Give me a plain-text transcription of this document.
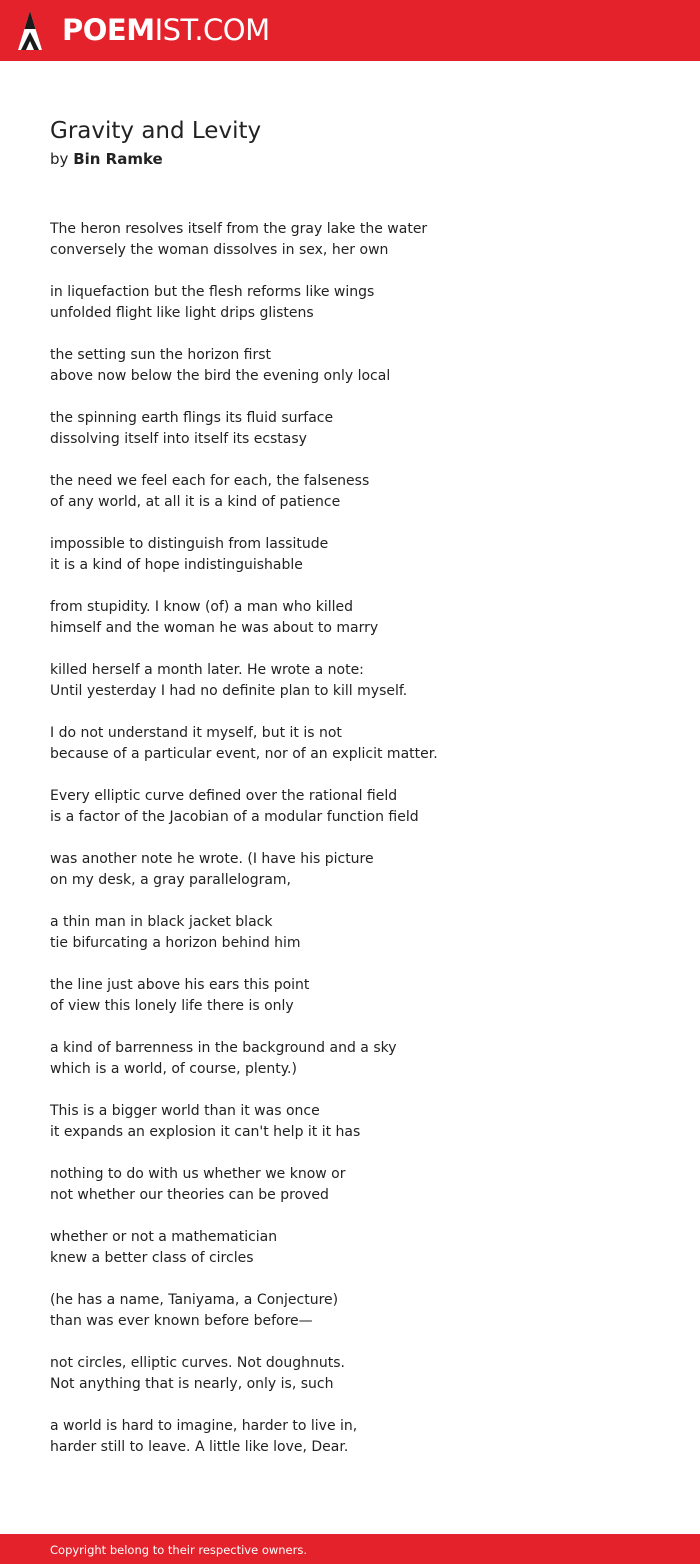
POEMIST.COM
Gravity and Levity
by Bin Ramke
The heron resolves itself from the gray lake the water
conversely the woman dissolves in sex, her own
in liquefaction but the flesh reforms like wings
unfolded flight like light drips glistens
the setting sun the horizon first
above now below the bird the evening only local
the spinning earth flings its fluid surface
dissolving itself into itself its ecstasy
the need we feel each for each, the falseness
of any world, at all it is a kind of patience
impossible to distinguish from lassitude
it is a kind of hope indistinguishable
from stupidity. I know (of) a man who killed
himself and the woman he was about to marry
killed herself a month later. He wrote a note:
Until yesterday I had no definite plan to kill myself.
I do not understand it myself, but it is not
because of a particular event, nor of an explicit matter.
Every elliptic curve defined over the rational field
is a factor of the Jacobian of a modular function field
was another note he wrote. (I have his picture
on my desk, a gray parallelogram,
a thin man in black jacket black
tie bifurcating a horizon behind him
the line just above his ears this point
of view this lonely life there is only
a kind of barrenness in the background and a sky
which is a world, of course, plenty.)
This is a bigger world than it was once
it expands an explosion it can't help it it has
nothing to do with us whether we know or
not whether our theories can be proved
whether or not a mathematician
knew a better class of circles
(he has a name, Taniyama, a Conjecture)
than was ever known before before—
not circles, elliptic curves. Not doughnuts.
Not anything that is nearly, only is, such
a world is hard to imagine, harder to live in,
harder still to leave. A little like love, Dear.
Copyright belong to their respective owners.
